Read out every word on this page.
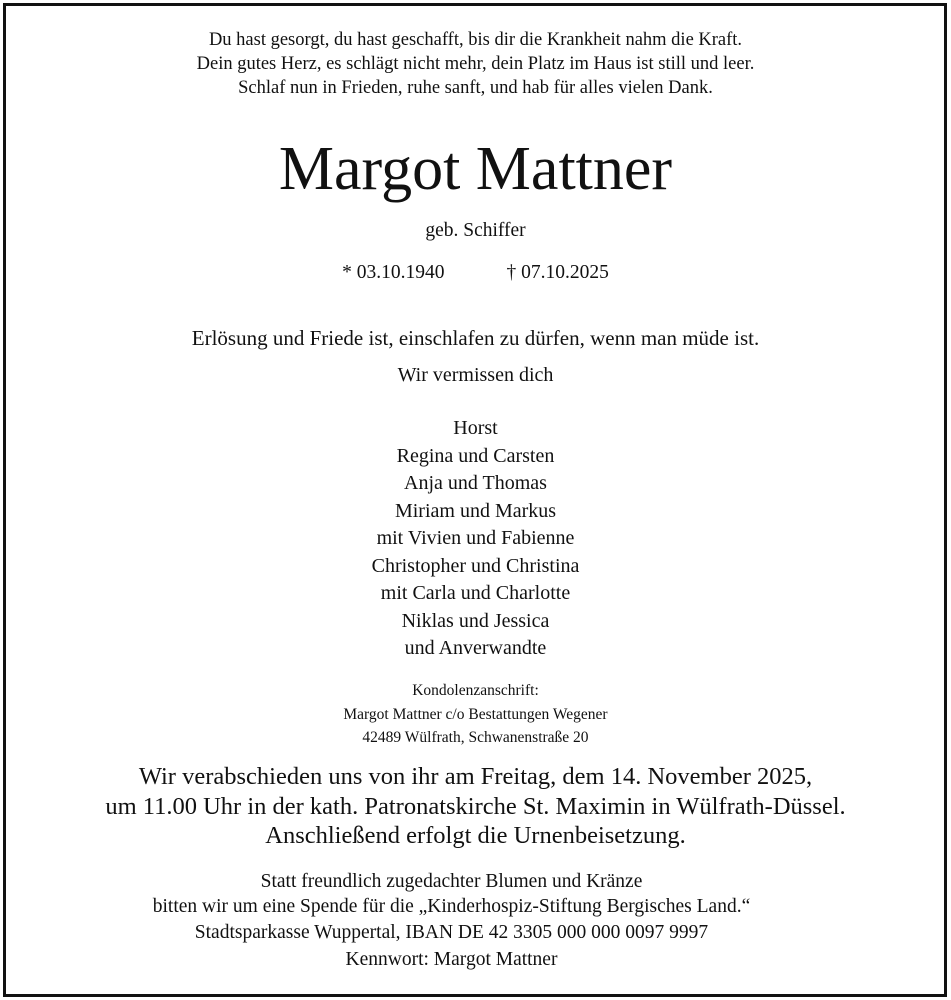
Du hast gesorgt, du hast geschafft, bis dir die Krankheit nahm die Kraft.
Dein gutes Herz, es schlägt nicht mehr, dein Platz im Haus ist still und leer.
Schlaf nun in Frieden, ruhe sanft, und hab für alles vielen Dank.
Margot Mattner
geb. Schiffer
* 03.10.1940	† 07.10.2025
Erlösung und Friede ist, einschlafen zu dürfen, wenn man müde ist.
Wir vermissen dich
Horst
Regina und Carsten
Anja und Thomas
Miriam und Markus
mit Vivien und Fabienne
Christopher und Christina
mit Carla und Charlotte
Niklas und Jessica
und Anverwandte
Kondolenzanschrift:
Margot Mattner c/o Bestattungen Wegener
42489 Wülfrath, Schwanenstraße 20
Wir verabschieden uns von ihr am Freitag, dem 14. November 2025,
um 11.00 Uhr in der kath. Patronatskirche St. Maximin in Wülfrath-Düssel.
Anschließend erfolgt die Urnenbeisetzung.
Statt freundlich zugedachter Blumen und Kränze
bitten wir um eine Spende für die „Kinderhospiz-Stiftung Bergisches Land.“
Stadtsparkasse Wuppertal, IBAN DE 42 3305 000 000 0097 9997
Kennwort: Margot Mattner
